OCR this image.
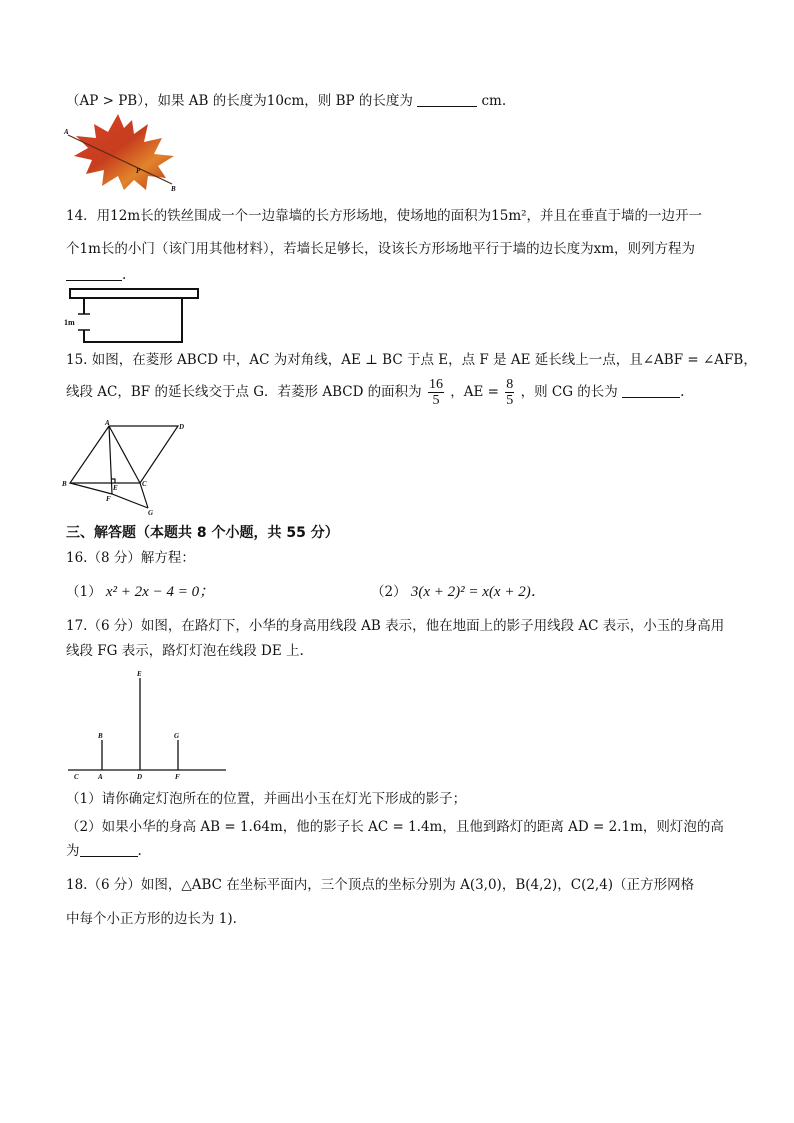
（AP > PB），如果 AB 的长度为10cm，则 BP 的长度为	cm.
A
P
B
14．用12m长的铁丝围成一个一边靠墙的长方形场地，使场地的面积为15m²，并且在垂直于墙的一边开一
个1m长的小门（该门用其他材料），若墙长足够长，设该长方形场地平行于墙的边长度为xm，则列方程为
.
1m
15. 如图，在菱形 ABCD 中，AC 为对角线，AE ⊥ BC 于点 E，点 F 是 AE 延长线上一点，且∠ABF = ∠AFB，
线段 AC，BF 的延长线交于点 G．若菱形 ABCD 的面积为 $\frac{16}{5}$ ，AE = $\frac{8}{5}$ ，则 CG 的长为	.
A	D
B	E	C
F
G
三、解答题（本题共 8 个小题，共 55 分）
16.（8 分）解方程：
（1） x² + 2x − 4 = 0；	（2） 3(x + 2)² = x(x + 2)．
17.（6 分）如图，在路灯下，小华的身高用线段 AB 表示，他在地面上的影子用线段 AC 表示，小玉的身高用
线段 FG 表示，路灯灯泡在线段 DE 上.
E
B	G
C	A	D	F
（1）请你确定灯泡所在的位置，并画出小玉在灯光下形成的影子；
（2）如果小华的身高 AB = 1.64m，他的影子长 AC = 1.4m，且他到路灯的距离 AD = 2.1m，则灯泡的高
为	.
18.（6 分）如图，△ABC 在坐标平面内，三个顶点的坐标分别为 A(3,0)，B(4,2)，C(2,4)（正方形网格
中每个小正方形的边长为 1).
